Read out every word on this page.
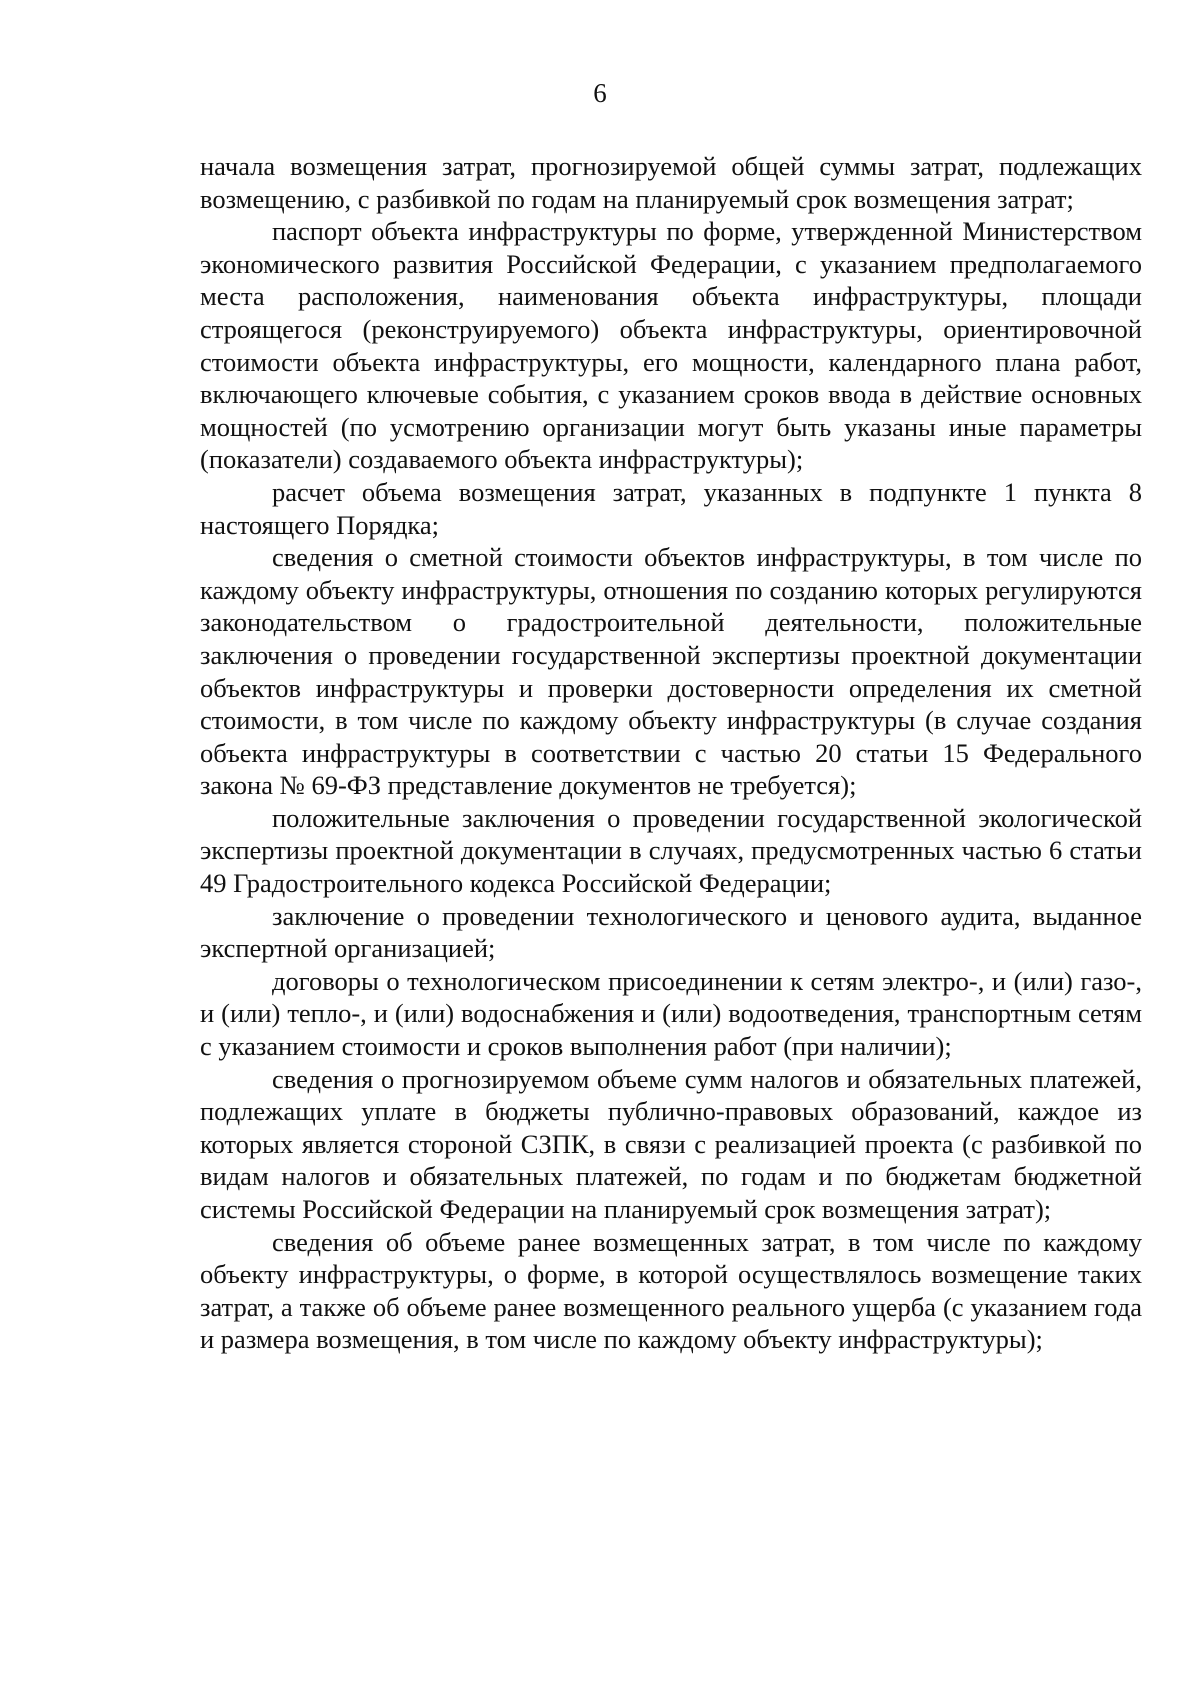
6

начала возмещения затрат, прогнозируемой общей суммы затрат, подлежащих возмещению, с разбивкой по годам на планируемый срок возмещения затрат;

паспорт объекта инфраструктуры по форме, утвержденной Министерством экономического развития Российской Федерации, с указанием предполагаемого места расположения, наименования объекта инфраструктуры, площади строящегося (реконструируемого) объекта инфраструктуры, ориентировочной стоимости объекта инфраструктуры, его мощности, календарного плана работ, включающего ключевые события, с указанием сроков ввода в действие основных мощностей (по усмотрению организации могут быть указаны иные параметры (показатели) создаваемого объекта инфраструктуры);

расчет объема возмещения затрат, указанных в подпункте 1 пункта 8 настоящего Порядка;

сведения о сметной стоимости объектов инфраструктуры, в том числе по каждому объекту инфраструктуры, отношения по созданию которых регулируются законодательством о градостроительной деятельности, положительные заключения о проведении государственной экспертизы проектной документации объектов инфраструктуры и проверки достоверности определения их сметной стоимости, в том числе по каждому объекту инфраструктуры (в случае создания объекта инфраструктуры в соответствии с частью 20 статьи 15 Федерального закона № 69-ФЗ представление документов не требуется);

положительные заключения о проведении государственной экологической экспертизы проектной документации в случаях, предусмотренных частью 6 статьи 49 Градостроительного кодекса Российской Федерации;

заключение о проведении технологического и ценового аудита, выданное экспертной организацией;

договоры о технологическом присоединении к сетям электро-, и (или) газо-, и (или) тепло-, и (или) водоснабжения и (или) водоотведения, транспортным сетям с указанием стоимости и сроков выполнения работ (при наличии);

сведения о прогнозируемом объеме сумм налогов и обязательных платежей, подлежащих уплате в бюджеты публично-правовых образований, каждое из которых является стороной СЗПК, в связи с реализацией проекта (с разбивкой по видам налогов и обязательных платежей, по годам и по бюджетам бюджетной системы Российской Федерации на планируемый срок возмещения затрат);

сведения об объеме ранее возмещенных затрат, в том числе по каждому объекту инфраструктуры, о форме, в которой осуществлялось возмещение таких затрат, а также об объеме ранее возмещенного реального ущерба (с указанием года и размера возмещения, в том числе по каждому объекту инфраструктуры);
